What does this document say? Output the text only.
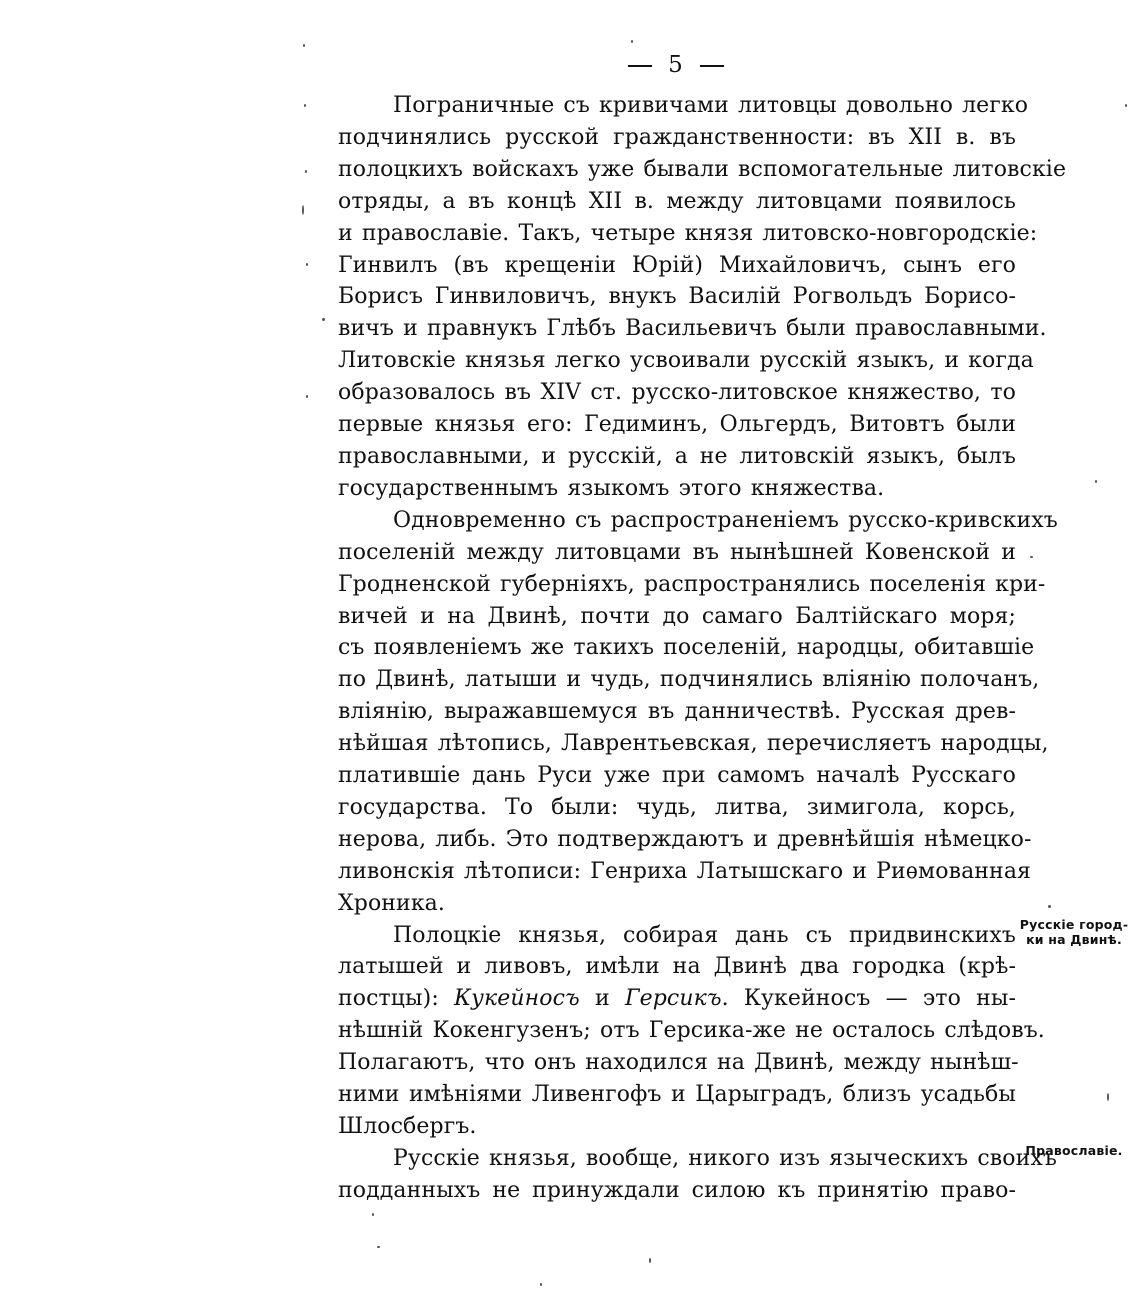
5

Пограничные съ кривичами литовцы довольно легко
подчинялись русской гражданственности: въ XII в. въ
полоцкихъ войскахъ уже бывали вспомогательные литовскіе
отряды, а въ концѣ XII в. между литовцами появилось
и православіе. Такъ, четыре князя литовско-новгородскіе:
Гинвилъ (въ крещеніи Юрій) Михайловичъ, сынъ его
Борисъ Гинвиловичъ, внукъ Василій Рогвольдъ Борисо-
вичъ и правнукъ Глѣбъ Васильевичъ были православными.
Литовскіе князья легко усвоивали русскій языкъ, и когда
образовалось въ XIV ст. русско-литовское княжество, то
первые князья его: Гедиминъ, Ольгердъ, Витовтъ были
православными, и русскій, а не литовскій языкъ, былъ
государственнымъ языкомъ этого княжества.

Одновременно съ распространеніемъ русско-кривскихъ
поселеній между литовцами въ нынѣшней Ковенской и
Гродненской губерніяхъ, распространялись поселенія кри-
вичей и на Двинѣ, почти до самаго Балтійскаго моря;
съ появленіемъ же такихъ поселеній, народцы, обитавшіе
по Двинѣ, латыши и чудь, подчинялись вліянію полочанъ,
вліянію, выражавшемуся въ данничествѣ. Русская древ-
нѣйшая лѣтопись, Лаврентьевская, перечисляетъ народцы,
платившіе дань Руси уже при самомъ началѣ Русскаго
государства. То были: чудь, литва, зимигола, корсь,
нерова, либь. Это подтверждаютъ и древнѣйшія нѣмецко-
ливонскія лѣтописи: Генриха Латышскаго и Риѳмованная
Хроника.

Полоцкіе князья, собирая дань съ придвинскихъ
латышей и ливовъ, имѣли на Двинѣ два городка (крѣ-
постцы): Кукейносъ и Герсикъ. Кукейносъ — это ны-
нѣшній Кокенгузенъ; отъ Герсика-же не осталось слѣдовъ.
Полагаютъ, что онъ находился на Двинѣ, между нынѣш-
ними имѣніями Ливенгофъ и Царыградъ, близъ усадьбы
Шлосбергъ.

Русскіе князья, вообще, никого изъ языческихъ своихъ
подданныхъ не принуждали силою къ принятію право-

Русскіе город-
ки на Двинѣ.
Православіе.
